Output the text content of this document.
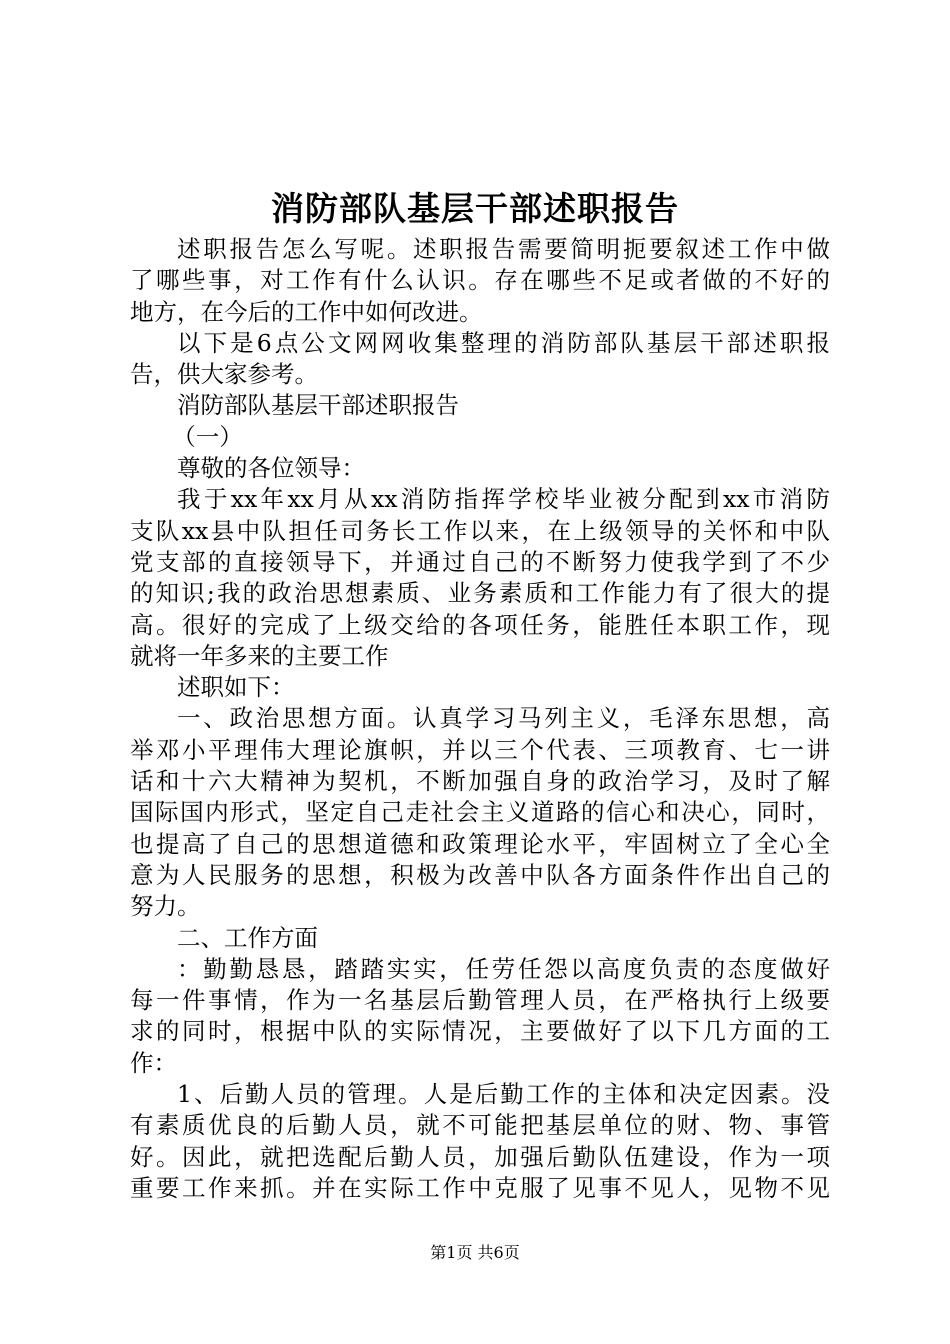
消防部队基层干部述职报告
述职报告怎么写呢。述职报告需要简明扼要叙述工作中做
了哪些事，对工作有什么认识。存在哪些不足或者做的不好的
地方，在今后的工作中如何改进。
以下是6点公文网网收集整理的消防部队基层干部述职报
告，供大家参考。
消防部队基层干部述职报告
（一）
尊敬的各位领导：
我于xx年xx月从xx消防指挥学校毕业被分配到xx市消防
支队xx县中队担任司务长工作以来，在上级领导的关怀和中队
党支部的直接领导下，并通过自己的不断努力使我学到了不少
的知识;我的政治思想素质、业务素质和工作能力有了很大的提
高。很好的完成了上级交给的各项任务，能胜任本职工作，现
就将一年多来的主要工作
述职如下：
一、政治思想方面。认真学习马列主义，毛泽东思想，高
举邓小平理伟大理论旗帜，并以三个代表、三项教育、七一讲
话和十六大精神为契机，不断加强自身的政治学习，及时了解
国际国内形式，坚定自己走社会主义道路的信心和决心，同时，
也提高了自己的思想道德和政策理论水平，牢固树立了全心全
意为人民服务的思想，积极为改善中队各方面条件作出自己的
努力。
二、工作方面
：勤勤恳恳，踏踏实实，任劳任怨以高度负责的态度做好
每一件事情，作为一名基层后勤管理人员，在严格执行上级要
求的同时，根据中队的实际情况，主要做好了以下几方面的工
作：
1、后勤人员的管理。人是后勤工作的主体和决定因素。没
有素质优良的后勤人员，就不可能把基层单位的财、物、事管
好。因此，就把选配后勤人员，加强后勤队伍建设，作为一项
重要工作来抓。并在实际工作中克服了见事不见人，见物不见
第1页 共6页
